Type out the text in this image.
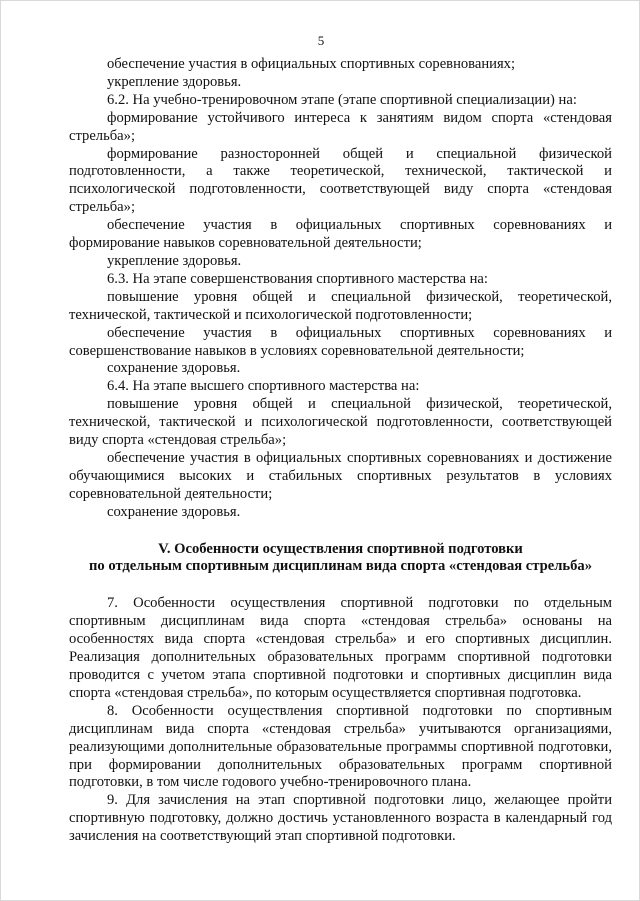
5

обеспечение участия в официальных спортивных соревнованиях;

укрепление здоровья.

6.2. На учебно-тренировочном этапе (этапе спортивной специализации) на:

формирование устойчивого интереса к занятиям видом спорта «стендовая стрельба»;

формирование разносторонней общей и специальной физической подготовленности, а также теоретической, технической, тактической и психологической подготовленности, соответствующей виду спорта «стендовая стрельба»;

обеспечение участия в официальных спортивных соревнованиях и формирование навыков соревновательной деятельности;

укрепление здоровья.

6.3. На этапе совершенствования спортивного мастерства на:

повышение уровня общей и специальной физической, теоретической, технической, тактической и психологической подготовленности;

обеспечение участия в официальных спортивных соревнованиях и совершенствование навыков в условиях соревновательной деятельности;

сохранение здоровья.

6.4. На этапе высшего спортивного мастерства на:

повышение уровня общей и специальной физической, теоретической, технической, тактической и психологической подготовленности, соответствующей виду спорта «стендовая стрельба»;

обеспечение участия в официальных спортивных соревнованиях и достижение обучающимися высоких и стабильных спортивных результатов в условиях соревновательной деятельности;

сохранение здоровья.

V. Особенности осуществления спортивной подготовки
по отдельным спортивным дисциплинам вида спорта «стендовая стрельба»

7. Особенности осуществления спортивной подготовки по отдельным спортивным дисциплинам вида спорта «стендовая стрельба» основаны на особенностях вида спорта «стендовая стрельба» и его спортивных дисциплин. Реализация дополнительных образовательных программ спортивной подготовки проводится с учетом этапа спортивной подготовки и спортивных дисциплин вида спорта «стендовая стрельба», по которым осуществляется спортивная подготовка.

8. Особенности осуществления спортивной подготовки по спортивным дисциплинам вида спорта «стендовая стрельба» учитываются организациями, реализующими дополнительные образовательные программы спортивной подготовки, при формировании дополнительных образовательных программ спортивной подготовки, в том числе годового учебно-тренировочного плана.

9. Для зачисления на этап спортивной подготовки лицо, желающее пройти спортивную подготовку, должно достичь установленного возраста в календарный год зачисления на соответствующий этап спортивной подготовки.
